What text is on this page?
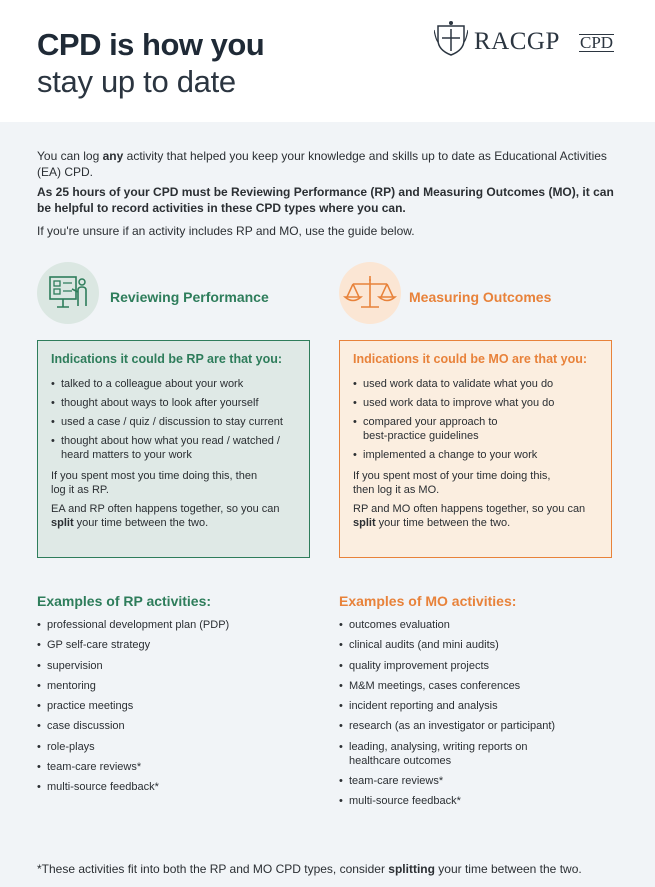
CPD is how you
stay up to date
RACGP CPD
You can log any activity that helped you keep your knowledge and skills up to date as Educational Activities (EA) CPD.
As 25 hours of your CPD must be Reviewing Performance (RP) and Measuring Outcomes (MO), it can be helpful to record activities in these CPD types where you can.
If you're unsure if an activity includes RP and MO, use the guide below.
Reviewing Performance	Measuring Outcomes
Indications it could be RP are that you:
• talked to a colleague about your work
• thought about ways to look after yourself
• used a case / quiz / discussion to stay current
• thought about how what you read / watched / heard matters to your work
If you spent most you time doing this, then log it as RP.
EA and RP often happens together, so you can split your time between the two.
Indications it could be MO are that you:
• used work data to validate what you do
• used work data to improve what you do
• compared your approach to best-practice guidelines
• implemented a change to your work
If you spent most of your time doing this, then log it as MO.
RP and MO often happens together, so you can split your time between the two.
Examples of RP activities:
• professional development plan (PDP)
• GP self-care strategy
• supervision
• mentoring
• practice meetings
• case discussion
• role-plays
• team-care reviews*
• multi-source feedback*
Examples of MO activities:
• outcomes evaluation
• clinical audits (and mini audits)
• quality improvement projects
• M&M meetings, cases conferences
• incident reporting and analysis
• research (as an investigator or participant)
• leading, analysing, writing reports on healthcare outcomes
• team-care reviews*
• multi-source feedback*
*These activities fit into both the RP and MO CPD types, consider splitting your time between the two.
